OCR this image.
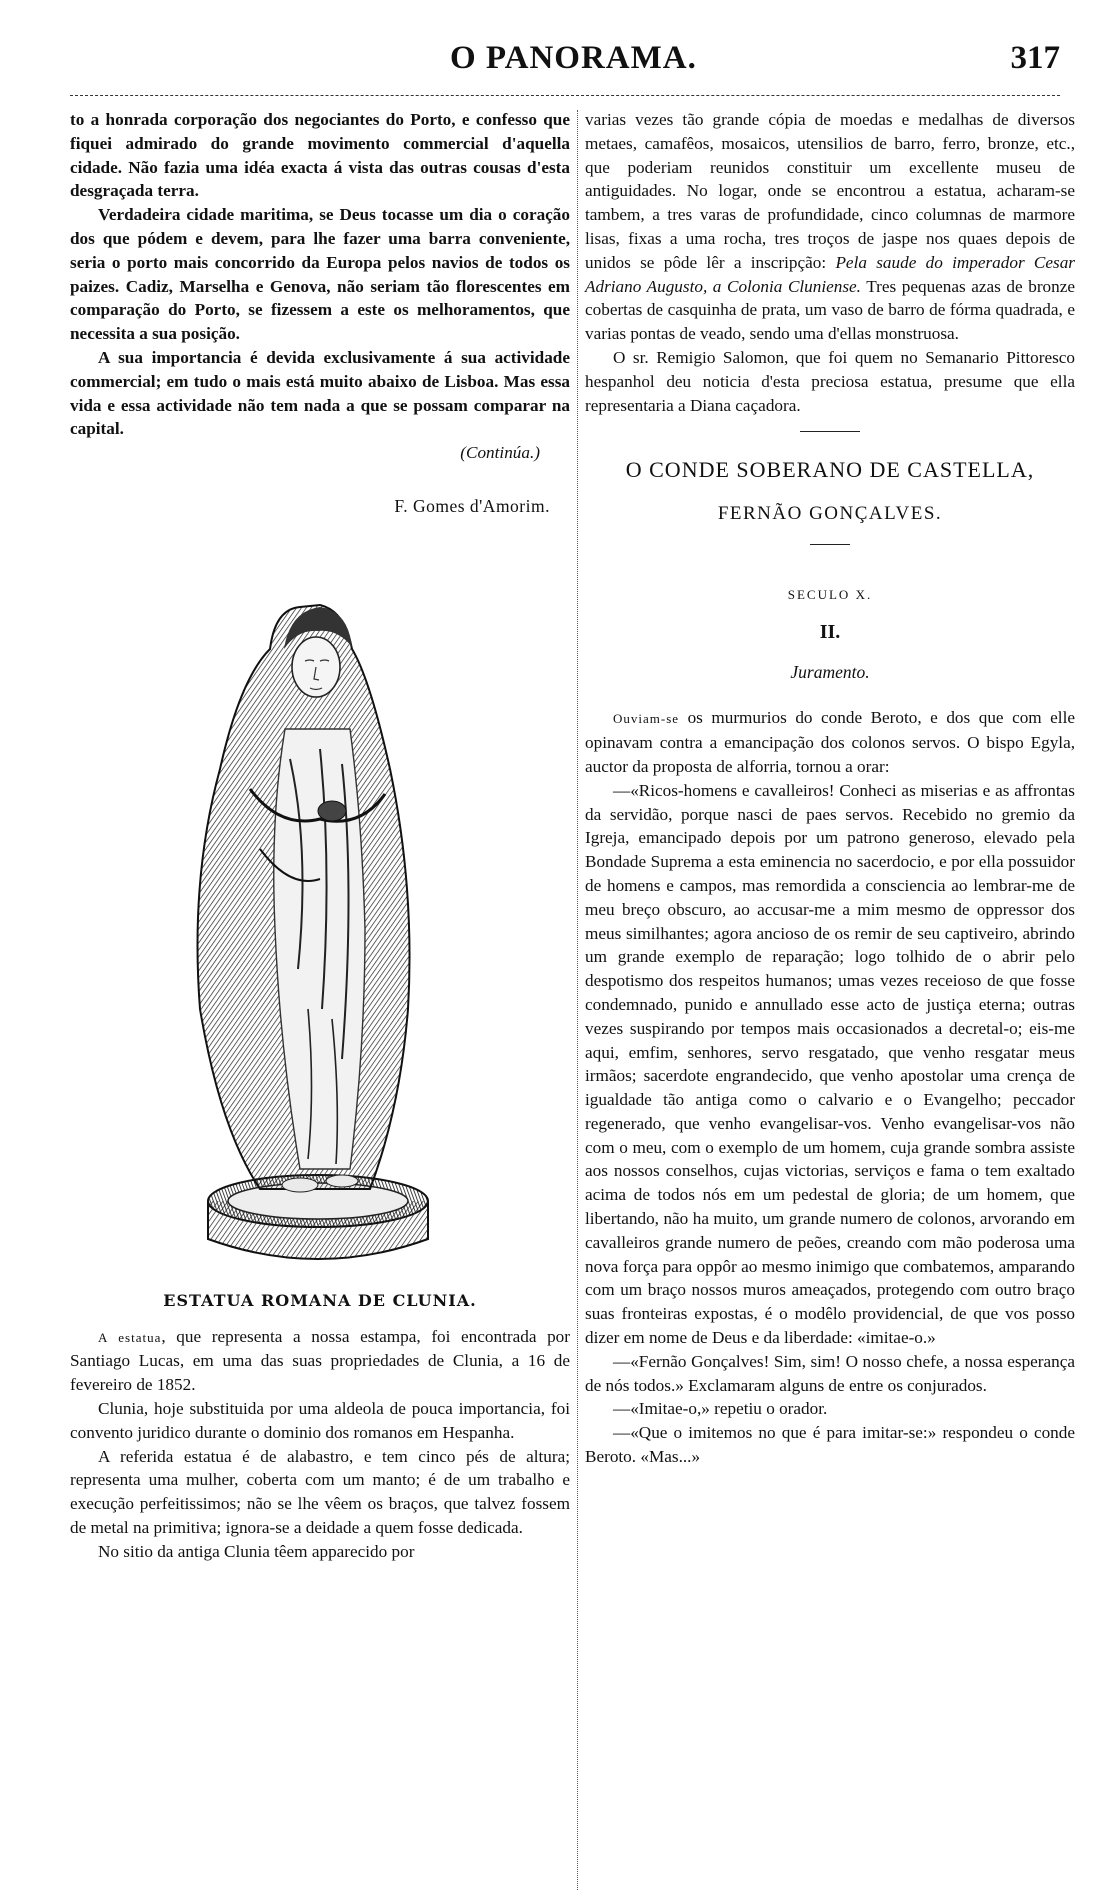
O PANORAMA.	317

to a honrada corporação dos negociantes do Porto, e confesso que fiquei admirado do grande movimento commercial d'aquella cidade. Não fazia uma idéa exacta á vista das outras cousas d'esta desgraçada terra.

Verdadeira cidade maritima, se Deus tocasse um dia o coração dos que pódem e devem, para lhe fazer uma barra conveniente, seria o porto mais concorrido da Europa pelos navios de todos os paizes. Cadiz, Marselha e Genova, não seriam tão florescentes em comparação do Porto, se fizessem a este os melhoramentos, que necessita a sua posição.

A sua importancia é devida exclusivamente á sua actividade commercial; em tudo o mais está muito abaixo de Lisboa. Mas essa vida e essa actividade não tem nada a que se possam comparar na capital.

(Continúa.)

F. Gomes d'Amorim.

ESTATUA ROMANA DE CLUNIA.

A estatua, que representa a nossa estampa, foi encontrada por Santiago Lucas, em uma das suas propriedades de Clunia, a 16 de fevereiro de 1852.

Clunia, hoje substituida por uma aldeola de pouca importancia, foi convento juridico durante o dominio dos romanos em Hespanha.

A referida estatua é de alabastro, e tem cinco pés de altura; representa uma mulher, coberta com um manto; é de um trabalho e execução perfeitissimos; não se lhe vêem os braços, que talvez fossem de metal na primitiva; ignora-se a deidade a quem fosse dedicada.

No sitio da antiga Clunia têem apparecido por

varias vezes tão grande cópia de moedas e medalhas de diversos metaes, camafêos, mosaicos, utensilios de barro, ferro, bronze, etc., que poderiam reunidos constituir um excellente museu de antiguidades. No logar, onde se encontrou a estatua, acharam-se tambem, a tres varas de profundidade, cinco columnas de marmore lisas, fixas a uma rocha, tres troços de jaspe nos quaes depois de unidos se pôde lêr a inscripção: Pela saude do imperador Cesar Adriano Augusto, a Colonia Cluniense. Tres pequenas azas de bronze cobertas de casquinha de prata, um vaso de barro de fórma quadrada, e varias pontas de veado, sendo uma d'ellas monstruosa.

O sr. Remigio Salomon, que foi quem no Semanario Pittoresco hespanhol deu noticia d'esta preciosa estatua, presume que ella representaria a Diana caçadora.

O CONDE SOBERANO DE CASTELLA,

FERNÃO GONÇALVES.

SECULO X.

II.

Juramento.

Ouviam-se os murmurios do conde Beroto, e dos que com elle opinavam contra a emancipação dos colonos servos. O bispo Egyla, auctor da proposta de alforria, tornou a orar:

—«Ricos-homens e cavalleiros! Conheci as miserias e as affrontas da servidão, porque nasci de paes servos. Recebido no gremio da Igreja, emancipado depois por um patrono generoso, elevado pela Bondade Suprema a esta eminencia no sacerdocio, e por ella possuidor de homens e campos, mas remordida a consciencia ao lembrar-me de meu breço obscuro, ao accusar-me a mim mesmo de oppressor dos meus similhantes; agora ancioso de os remir de seu captiveiro, abrindo um grande exemplo de reparação; logo tolhido de o abrir pelo despotismo dos respeitos humanos; umas vezes receioso de que fosse condemnado, punido e annullado esse acto de justiça eterna; outras vezes suspirando por tempos mais occasionados a decretal-o; eis-me aqui, emfim, senhores, servo resgatado, que venho resgatar meus irmãos; sacerdote engrandecido, que venho apostolar uma crença de igualdade tão antiga como o calvario e o Evangelho; peccador regenerado, que venho evangelisar-vos. Venho evangelisar-vos não com o meu, com o exemplo de um homem, cuja grande sombra assiste aos nossos conselhos, cujas victorias, serviços e fama o tem exaltado acima de todos nós em um pedestal de gloria; de um homem, que libertando, não ha muito, um grande numero de colonos, arvorando em cavalleiros grande numero de peões, creando com mão poderosa uma nova força para oppôr ao mesmo inimigo que combatemos, amparando com um braço nossos muros ameaçados, protegendo com outro braço suas fronteiras expostas, é o modêlo providencial, de que vos posso dizer em nome de Deus e da liberdade: «imitae-o.»

—«Fernão Gonçalves! Sim, sim! O nosso chefe, a nossa esperança de nós todos.» Exclamaram alguns de entre os conjurados.

—«Imitae-o,» repetiu o orador.

—«Que o imitemos no que é para imitar-se:» respondeu o conde Beroto. «Mas...»
